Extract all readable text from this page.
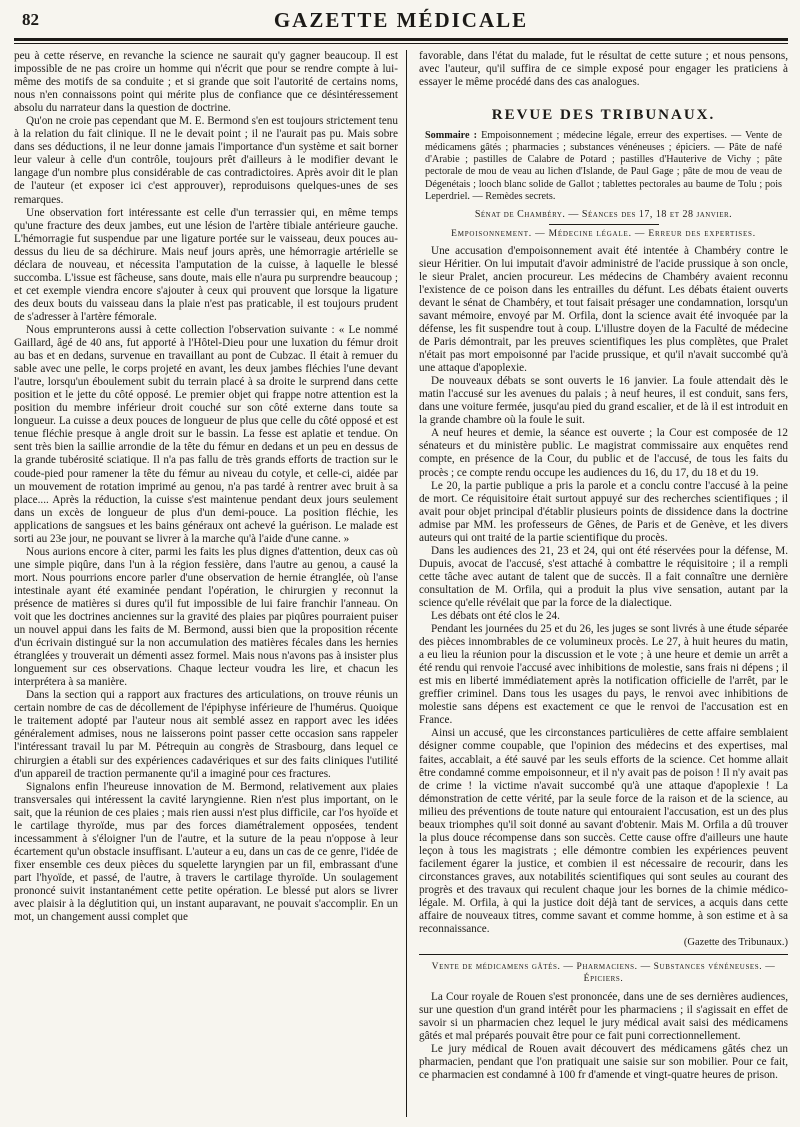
82	GAZETTE MÉDICALE

peu à cette réserve, en revanche la science ne saurait qu'y gagner beaucoup. Il est impossible de ne pas croire un homme qui n'écrit que pour se rendre compte à lui-même des motifs de sa conduite ; et si grande que soit l'autorité de certains noms, nous n'en connaissons point qui mérite plus de confiance que ce désintéressement absolu du narrateur dans la question de doctrine.

Qu'on ne croie pas cependant que M. E. Bermond s'en est toujours strictement tenu à la relation du fait clinique. Il ne le devait point ; il ne l'aurait pas pu. Mais sobre dans ses déductions, il ne leur donne jamais l'importance d'un système et sait borner leur valeur à celle d'un contrôle, toujours prêt d'ailleurs à le modifier devant le langage d'un nombre plus considérable de cas contradictoires. Après avoir dit le plan de l'auteur (et exposer ici c'est approuver), reproduisons quelques-unes de ses remarques.

Une observation fort intéressante est celle d'un terrassier qui, en même temps qu'une fracture des deux jambes, eut une lésion de l'artère tibiale antérieure gauche. L'hémorragie fut suspendue par une ligature portée sur le vaisseau, deux pouces au-dessus du lieu de sa déchirure. Mais neuf jours après, une hémorragie artérielle se déclara de nouveau, et nécessita l'amputation de la cuisse, à laquelle le blessé succomba. L'issue est fâcheuse, sans doute, mais elle n'aura pu surprendre beaucoup ; et cet exemple viendra encore s'ajouter à ceux qui prouvent que lorsque la ligature des deux bouts du vaisseau dans la plaie n'est pas praticable, il est toujours prudent de s'adresser à l'artère fémorale.

Nous emprunterons aussi à cette collection l'observation suivante : « Le nommé Gaillard, âgé de 40 ans, fut apporté à l'Hôtel-Dieu pour une luxation du fémur droit au bas et en dedans, survenue en travaillant au pont de Cubzac. Il était à remuer du sable avec une pelle, le corps projeté en avant, les deux jambes fléchies l'une devant l'autre, lorsqu'un éboulement subit du terrain placé à sa droite le surprend dans cette position et le jette du côté opposé. Le premier objet qui frappe notre attention est la position du membre inférieur droit couché sur son côté externe dans toute sa longueur. La cuisse a deux pouces de longueur de plus que celle du côté opposé et est tenue fléchie presque à angle droit sur le bassin. La fesse est aplatie et tendue. On sent très bien la saillie arrondie de la tête du fémur en dedans et un peu en dessus de la grande tubérosité sciatique. Il n'a pas fallu de très grands efforts de traction sur le coude-pied pour ramener la tête du fémur au niveau du cotyle, et celle-ci, aidée par un mouvement de rotation imprimé au genou, n'a pas tardé à rentrer avec bruit à sa place.... Après la réduction, la cuisse s'est maintenue pendant deux jours seulement dans un excès de longueur de plus d'un demi-pouce. La position fléchie, les applications de sangsues et les bains généraux ont achevé la guérison. Le malade est sorti au 23e jour, ne pouvant se livrer à la marche qu'à l'aide d'une canne. »

Nous aurions encore à citer, parmi les faits les plus dignes d'attention, deux cas où une simple piqûre, dans l'un à la région fessière, dans l'autre au genou, a causé la mort. Nous pourrions encore parler d'une observation de hernie étranglée, où l'anse intestinale ayant été examinée pendant l'opération, le chirurgien y reconnut la présence de matières si dures qu'il fut impossible de lui faire franchir l'anneau. On voit que les doctrines anciennes sur la gravité des plaies par piqûres pourraient puiser un nouvel appui dans les faits de M. Bermond, aussi bien que la proposition récente d'un écrivain distingué sur la non accumulation des matières fécales dans les hernies étranglées y trouverait un démenti assez formel. Mais nous n'avons pas à insister plus longuement sur ces observations. Chaque lecteur voudra les lire, et chacun les interprétera à sa manière.

Dans la section qui a rapport aux fractures des articulations, on trouve réunis un certain nombre de cas de décollement de l'épiphyse inférieure de l'humérus. Quoique le traitement adopté par l'auteur nous ait semblé assez en rapport avec les idées généralement admises, nous ne laisserons point passer cette occasion sans rappeler l'intéressant travail lu par M. Pétrequin au congrès de Strasbourg, dans lequel ce chirurgien a établi sur des expériences cadavériques et sur des faits cliniques l'utilité d'un appareil de traction permanente qu'il a imaginé pour ces fractures.

Signalons enfin l'heureuse innovation de M. Bermond, relativement aux plaies transversales qui intéressent la cavité laryngienne. Rien n'est plus important, on le sait, que la réunion de ces plaies ; mais rien aussi n'est plus difficile, car l'os hyoïde et le cartilage thyroïde, mus par des forces diamétralement opposées, tendent incessamment à s'éloigner l'un de l'autre, et la suture de la peau n'oppose à leur écartement qu'un obstacle insuffisant. L'auteur a eu, dans un cas de ce genre, l'idée de fixer ensemble ces deux pièces du squelette laryngien par un fil, embrassant d'une part l'hyoïde, et passé, de l'autre, à travers le cartilage thyroïde. Un soulagement prononcé suivit instantanément cette petite opération. Le blessé put alors se livrer avec plaisir à la déglutition qui, un instant auparavant, ne pouvait s'accomplir. En un mot, un changement aussi complet que

favorable, dans l'état du malade, fut le résultat de cette suture ; et nous pensons, avec l'auteur, qu'il suffira de ce simple exposé pour engager les praticiens à essayer le même procédé dans des cas analogues.

REVUE DES TRIBUNAUX.
Sommaire : Empoisonnement ; médecine légale, erreur des expertises. — Vente de médicamens gâtés ; pharmacies ; substances vénéneuses ; épiciers. — Pâte de nafé d'Arabie ; pastilles de Calabre de Potard ; pastilles d'Hauterive de Vichy ; pâte pectorale de mou de veau au lichen d'Islande, de Paul Gage ; pâte de mou de veau de Dégenétais ; looch blanc solide de Gallot ; tablettes pectorales au baume de Tolu ; pois Leperdriel. — Remèdes secrets.
Sénat de Chambéry. — Séances des 17, 18 et 28 janvier.
Empoisonnement. — Médecine légale. — Erreur des expertises.

Une accusation d'empoisonnement avait été intentée à Chambéry contre le sieur Héritier. On lui imputait d'avoir administré de l'acide prussique à son oncle, le sieur Pralet, ancien procureur. Les médecins de Chambéry avaient reconnu l'existence de ce poison dans les entrailles du défunt. Les débats étaient ouverts devant le sénat de Chambéry, et tout faisait présager une condamnation, lorsqu'un savant mémoire, envoyé par M. Orfila, dont la science avait été invoquée par la défense, les fit suspendre tout à coup. L'illustre doyen de la Faculté de médecine de Paris démontrait, par les preuves scientifiques les plus complètes, que Pralet n'était pas mort empoisonné par l'acide prussique, et qu'il n'avait succombé qu'à une attaque d'apoplexie.

De nouveaux débats se sont ouverts le 16 janvier. La foule attendait dès le matin l'accusé sur les avenues du palais ; à neuf heures, il est conduit, sans fers, dans une voiture fermée, jusqu'au pied du grand escalier, et de là il est introduit en la grande chambre où la foule le suit.

A neuf heures et demie, la séance est ouverte ; la Cour est composée de 12 sénateurs et du ministère public. Le magistrat commissaire aux enquêtes rend compte, en présence de la Cour, du public et de l'accusé, de tous les faits du procès ; ce compte rendu occupe les audiences du 16, du 17, du 18 et du 19.

Le 20, la partie publique a pris la parole et a conclu contre l'accusé à la peine de mort. Ce réquisitoire était surtout appuyé sur des recherches scientifiques ; il avait pour objet principal d'établir plusieurs points de dissidence dans la doctrine admise par MM. les professeurs de Gênes, de Paris et de Genève, et les divers auteurs qui ont traité de la partie scientifique du procès.

Dans les audiences des 21, 23 et 24, qui ont été réservées pour la défense, M. Dupuis, avocat de l'accusé, s'est attaché à combattre le réquisitoire ; il a rempli cette tâche avec autant de talent que de succès. Il a fait connaître une dernière consultation de M. Orfila, qui a produit la plus vive sensation, autant par la science qu'elle révélait que par la force de la dialectique.

Les débats ont été clos le 24.

Pendant les journées du 25 et du 26, les juges se sont livrés à une étude séparée des pièces innombrables de ce volumineux procès. Le 27, à huit heures du matin, a eu lieu la réunion pour la discussion et le vote ; à une heure et demie un arrêt a été rendu qui renvoie l'accusé avec inhibitions de molestie, sans frais ni dépens ; il est mis en liberté immédiatement après la notification officielle de l'arrêt, par le greffier criminel. Dans tous les usages du pays, le renvoi avec inhibitions de molestie sans dépens est exactement ce que le renvoi de l'accusation est en France.

Ainsi un accusé, que les circonstances particulières de cette affaire semblaient désigner comme coupable, que l'opinion des médecins et des expertises, mal faites, accablait, a été sauvé par les seuls efforts de la science. Cet homme allait être condamné comme empoisonneur, et il n'y avait pas de poison ! Il n'y avait pas de crime ! la victime n'avait succombé qu'à une attaque d'apoplexie ! La démonstration de cette vérité, par la seule force de la raison et de la science, au milieu des préventions de toute nature qui entouraient l'accusation, est un des plus beaux triomphes qu'il soit donné au savant d'obtenir. Mais M. Orfila a dû trouver la plus douce récompense dans son succès. Cette cause offre d'ailleurs une haute leçon à tous les magistrats ; elle démontre combien les expériences peuvent facilement égarer la justice, et combien il est nécessaire de recourir, dans les circonstances graves, aux notabilités scientifiques qui sont seules au courant des progrès et des travaux qui reculent chaque jour les bornes de la chimie médico-légale. M. Orfila, à qui la justice doit déjà tant de services, a acquis dans cette affaire de nouveaux titres, comme savant et comme homme, à son estime et à sa reconnaissance.

(Gazette des Tribunaux.)
Vente de médicamens gâtés. — Pharmaciens. — Substances vénéneuses. — Épiciers.

La Cour royale de Rouen s'est prononcée, dans une de ses dernières audiences, sur une question d'un grand intérêt pour les pharmaciens ; il s'agissait en effet de savoir si un pharmacien chez lequel le jury médical avait saisi des médicamens gâtés et mal préparés pouvait être pour ce fait puni correctionnellement.

Le jury médical de Rouen avait découvert des médicamens gâtés chez un pharmacien, pendant que l'on pratiquait une saisie sur son mobilier. Pour ce fait, ce pharmacien est condamné à 100 fr d'amende et vingt-quatre heures de prison.
